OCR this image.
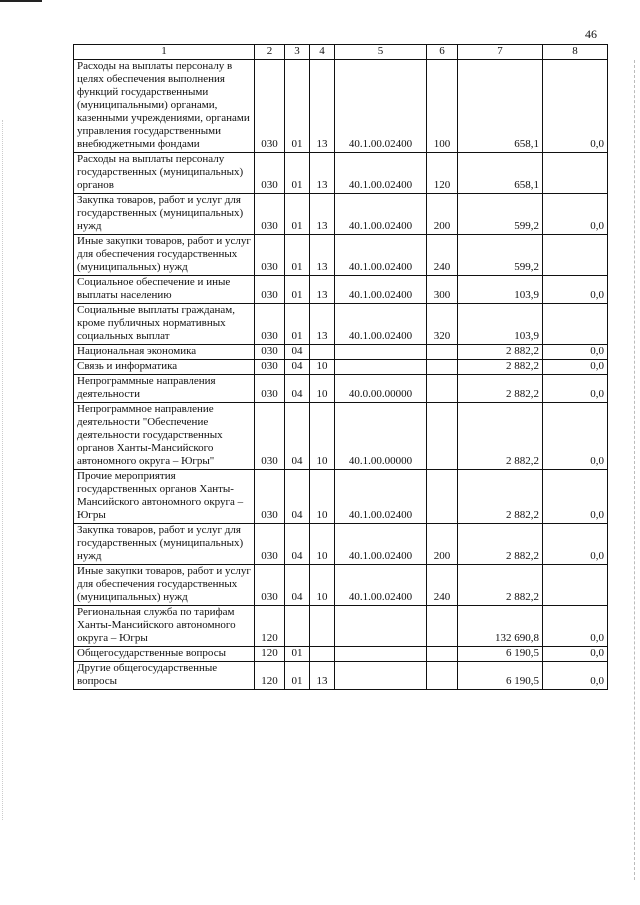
46
1	2	3	4	5	6	7	8
Расходы на выплаты персоналу в целях обеспечения выполнения функций государственными (муниципальными) органами, казенными учреждениями, органами управления государственными внебюджетными фондами	030	01	13	40.1.00.02400	100	658,1	0,0
Расходы на выплаты персоналу государственных (муниципальных) органов	030	01	13	40.1.00.02400	120	658,1	
Закупка товаров, работ и услуг для государственных (муниципальных) нужд	030	01	13	40.1.00.02400	200	599,2	0,0
Иные закупки товаров, работ и услуг для обеспечения государственных (муниципальных) нужд	030	01	13	40.1.00.02400	240	599,2	
Социальное обеспечение и иные выплаты населению	030	01	13	40.1.00.02400	300	103,9	0,0
Социальные выплаты гражданам, кроме публичных нормативных социальных выплат	030	01	13	40.1.00.02400	320	103,9	
Национальная экономика	030	04				2 882,2	0,0
Связь и информатика	030	04	10			2 882,2	0,0
Непрограммные направления деятельности	030	04	10	40.0.00.00000		2 882,2	0,0
Непрограммное направление деятельности "Обеспечение деятельности государственных органов Ханты-Мансийского автономного округа – Югры"	030	04	10	40.1.00.00000		2 882,2	0,0
Прочие мероприятия государственных органов Ханты-Мансийского автономного округа – Югры	030	04	10	40.1.00.02400		2 882,2	0,0
Закупка товаров, работ и услуг для государственных (муниципальных) нужд	030	04	10	40.1.00.02400	200	2 882,2	0,0
Иные закупки товаров, работ и услуг для обеспечения государственных (муниципальных) нужд	030	04	10	40.1.00.02400	240	2 882,2	
Региональная служба по тарифам Ханты-Мансийского автономного округа – Югры	120					132 690,8	0,0
Общегосударственные вопросы	120	01				6 190,5	0,0
Другие общегосударственные вопросы	120	01	13			6 190,5	0,0
